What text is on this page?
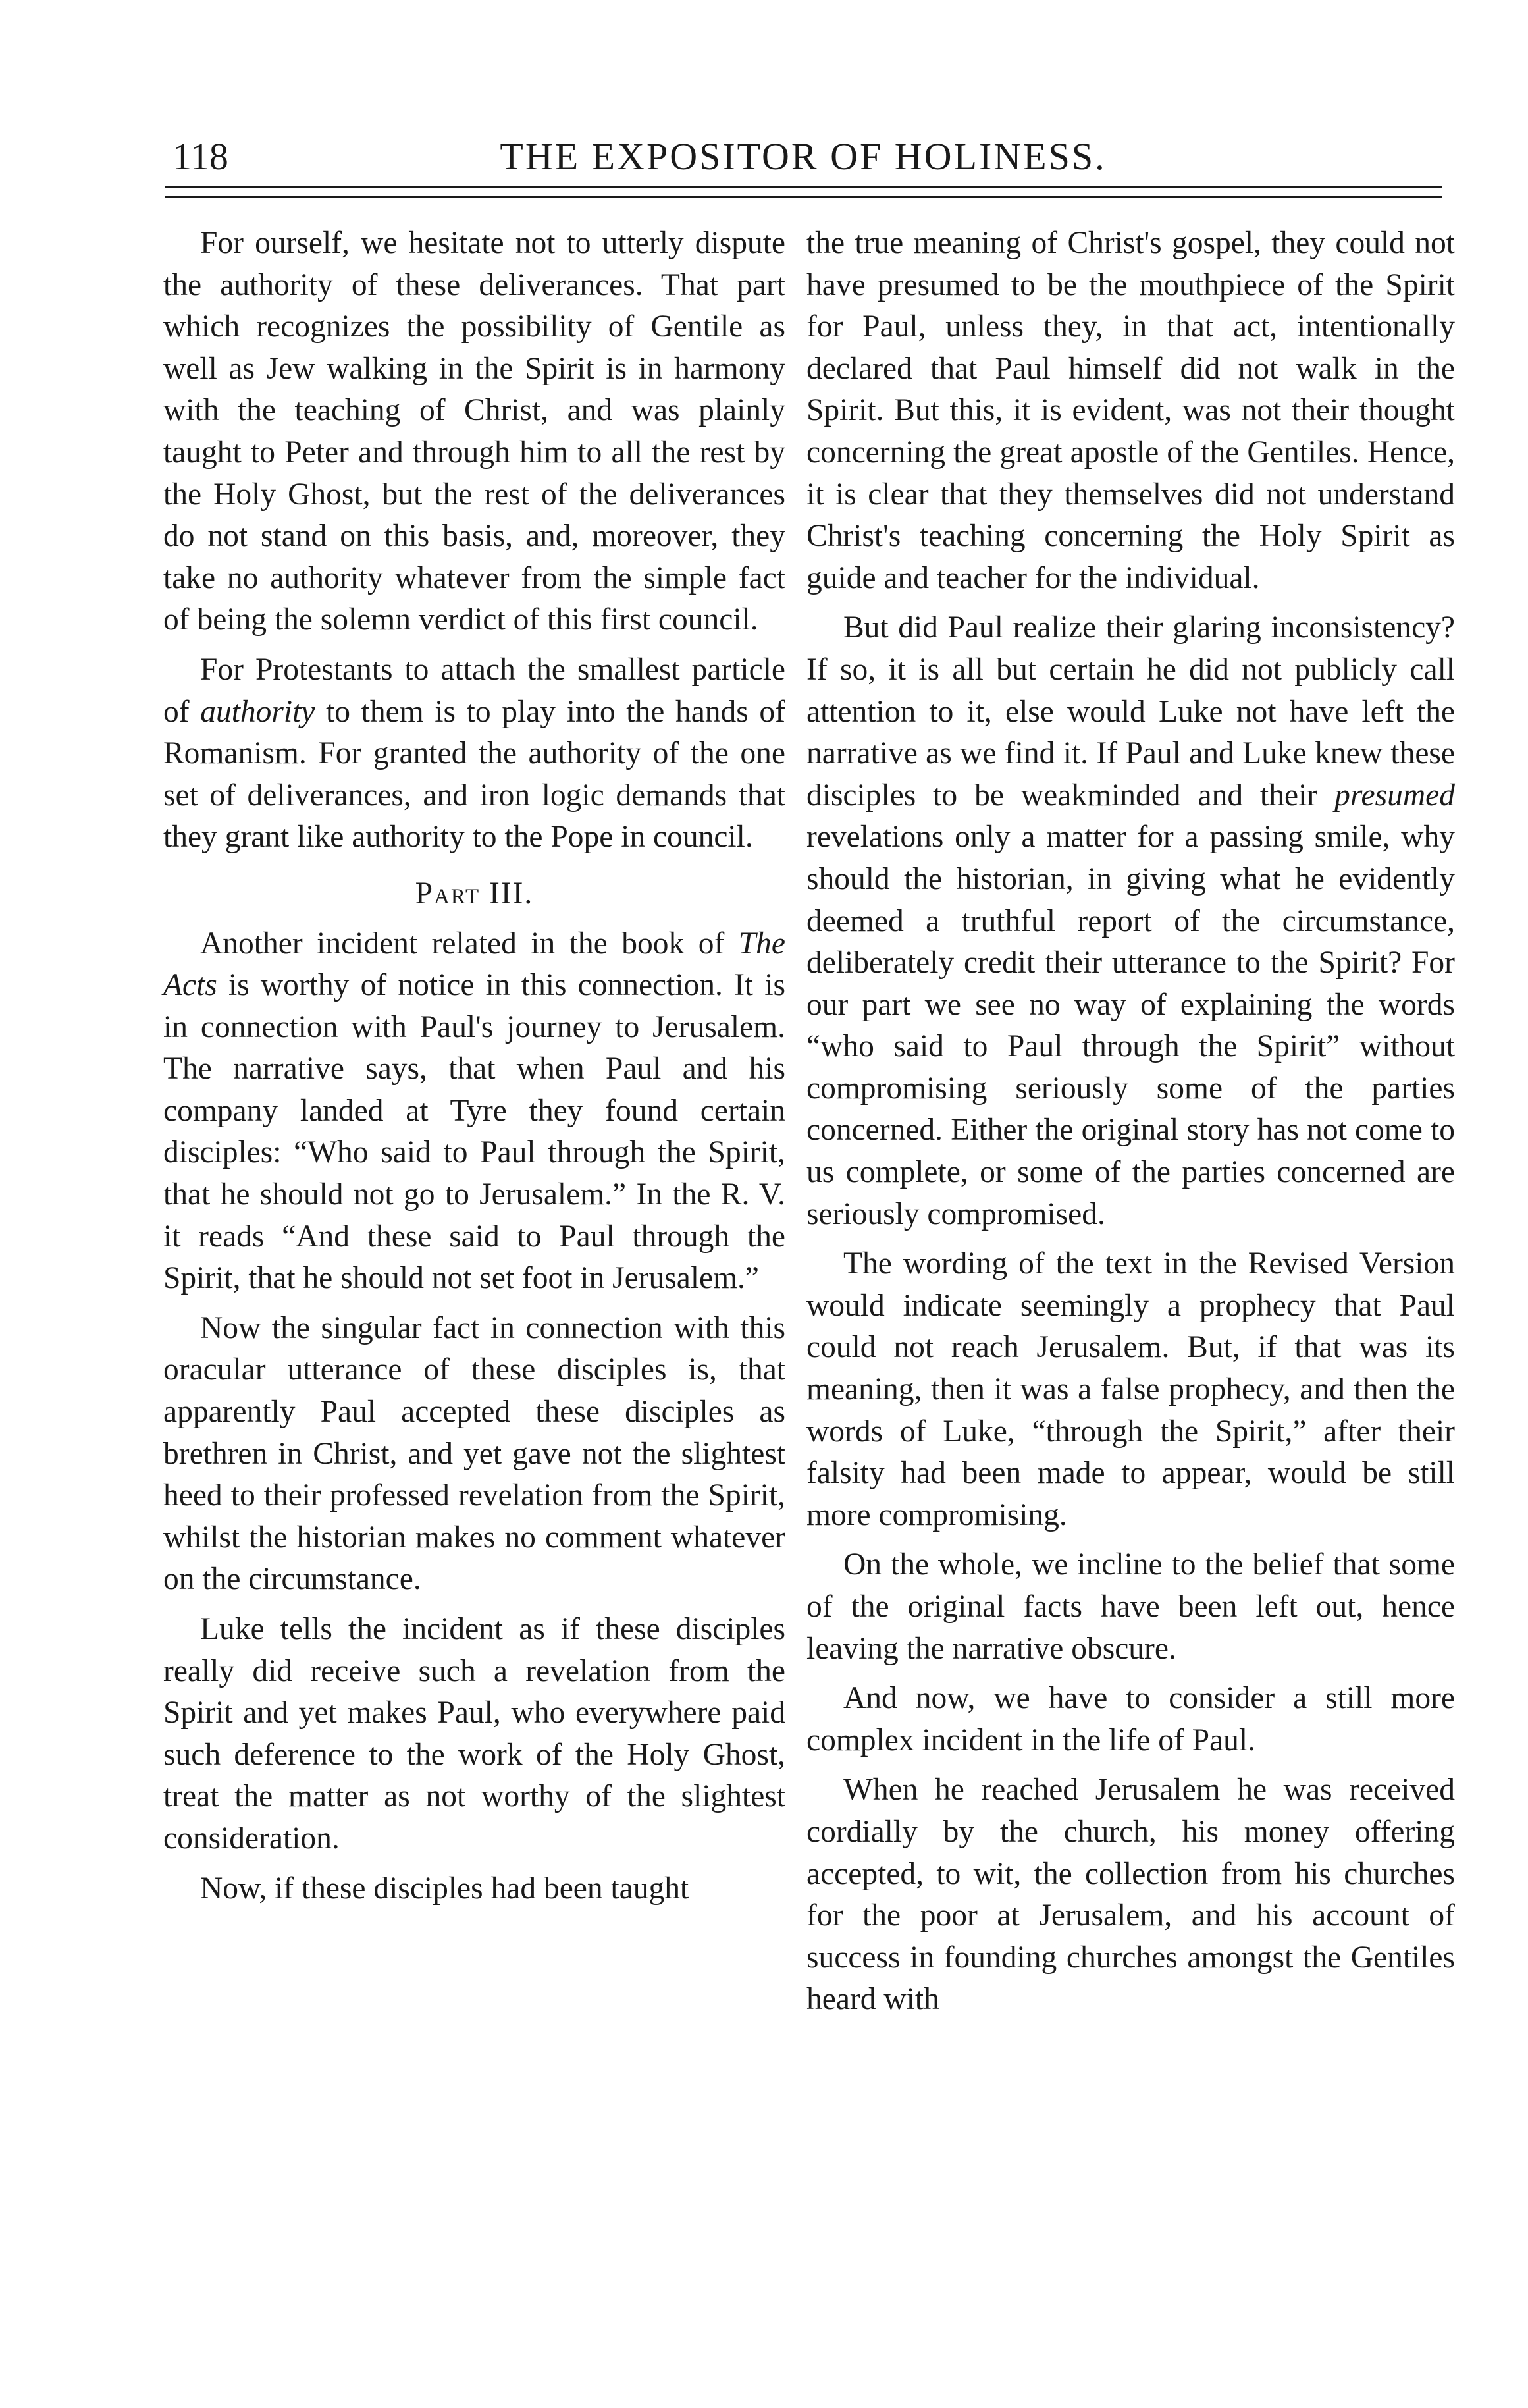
118	THE EXPOSITOR OF HOLINESS.

For ourself, we hesitate not to utterly dispute the authority of these deliverances. That part which recognizes the possibility of Gentile as well as Jew walking in the Spirit is in harmony with the teaching of Christ, and was plainly taught to Peter and through him to all the rest by the Holy Ghost, but the rest of the deliverances do not stand on this basis, and, moreover, they take no authority whatever from the simple fact of being the solemn verdict of this first council.

For Protestants to attach the smallest particle of authority to them is to play into the hands of Romanism. For granted the authority of the one set of deliverances, and iron logic demands that they grant like authority to the Pope in council.

Part III.

Another incident related in the book of The Acts is worthy of notice in this connection. It is in connection with Paul's journey to Jerusalem. The narrative says, that when Paul and his company landed at Tyre they found certain disciples: “Who said to Paul through the Spirit, that he should not go to Jerusalem.” In the R. V. it reads “And these said to Paul through the Spirit, that he should not set foot in Jerusalem.”

Now the singular fact in connection with this oracular utterance of these disciples is, that apparently Paul accepted these disciples as brethren in Christ, and yet gave not the slightest heed to their professed revelation from the Spirit, whilst the historian makes no comment whatever on the circumstance.

Luke tells the incident as if these disciples really did receive such a revelation from the Spirit and yet makes Paul, who everywhere paid such deference to the work of the Holy Ghost, treat the matter as not worthy of the slightest consideration.

Now, if these disciples had been taught

the true meaning of Christ's gospel, they could not have presumed to be the mouthpiece of the Spirit for Paul, unless they, in that act, intentionally declared that Paul himself did not walk in the Spirit. But this, it is evident, was not their thought concerning the great apostle of the Gentiles. Hence, it is clear that they themselves did not understand Christ's teaching concerning the Holy Spirit as guide and teacher for the individual.

But did Paul realize their glaring inconsistency? If so, it is all but certain he did not publicly call attention to it, else would Luke not have left the narrative as we find it. If Paul and Luke knew these disciples to be weakminded and their presumed revelations only a matter for a passing smile, why should the historian, in giving what he evidently deemed a truthful report of the circumstance, deliberately credit their utterance to the Spirit? For our part we see no way of explaining the words “who said to Paul through the Spirit” without compromising seriously some of the parties concerned. Either the original story has not come to us complete, or some of the parties concerned are seriously compromised.

The wording of the text in the Revised Version would indicate seemingly a prophecy that Paul could not reach Jerusalem. But, if that was its meaning, then it was a false prophecy, and then the words of Luke, “through the Spirit,” after their falsity had been made to appear, would be still more compromising.

On the whole, we incline to the belief that some of the original facts have been left out, hence leaving the narrative obscure.

And now, we have to consider a still more complex incident in the life of Paul.

When he reached Jerusalem he was received cordially by the church, his money offering accepted, to wit, the collection from his churches for the poor at Jerusalem, and his account of success in founding churches amongst the Gentiles heard with
